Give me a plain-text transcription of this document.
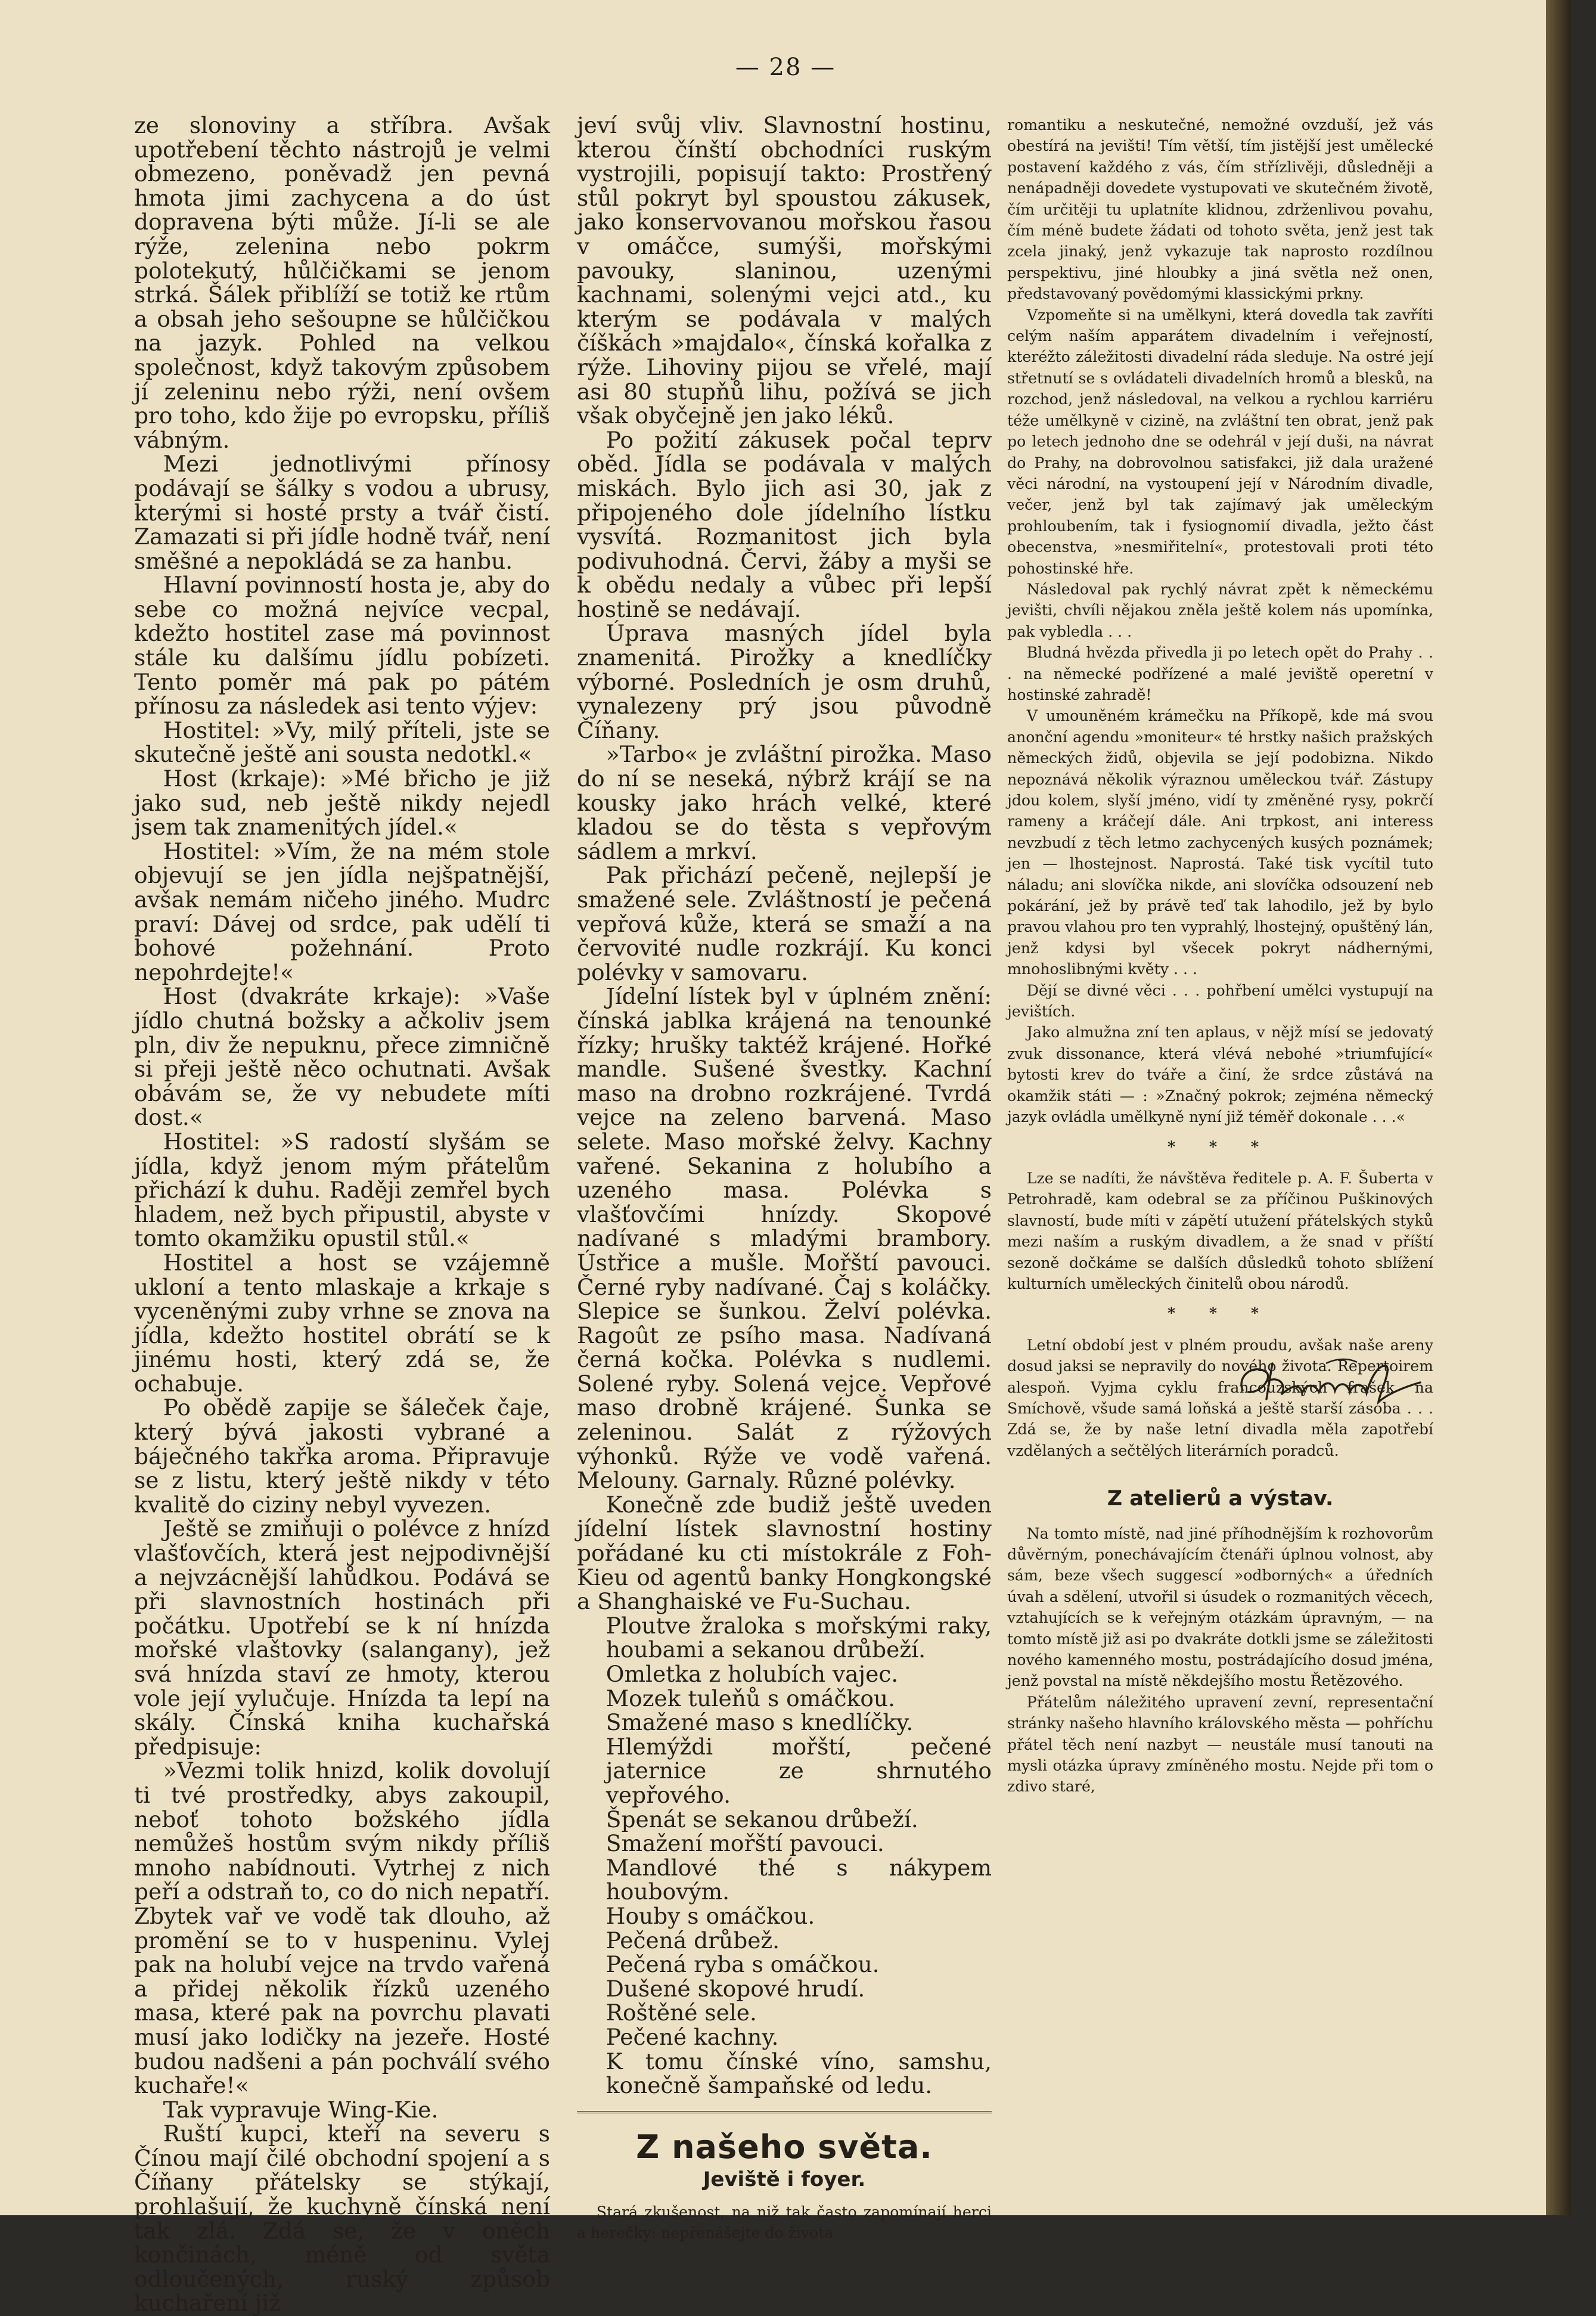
— 28 —

ze slonoviny a stříbra. Avšak upotřebení těchto nástrojů je velmi obmezeno, poněvadž jen pevná hmota jimi zachycena a do úst dopravena býti může. Jí-li se ale rýže, zelenina nebo pokrm polotekutý, hůlčičkami se jenom strká. Šálek přiblíží se totiž ke rtům a obsah jeho sešoupne se hůlčičkou na jazyk. Pohled na velkou společnost, když takovým způsobem jí zeleninu nebo rýži, není ovšem pro toho, kdo žije po evropsku, příliš vábným.

Mezi jednotlivými přínosy podávají se šálky s vodou a ubrusy, kterými si hosté prsty a tvář čistí. Zamazati si při jídle hodně tvář, není směšné a nepokládá se za hanbu.

Hlavní povinností hosta je, aby do sebe co možná nejvíce vecpal, kdežto hostitel zase má povinnost stále ku dalšímu jídlu pobízeti. Tento poměr má pak po pátém přínosu za následek asi tento výjev:

Hostitel: »Vy, milý příteli, jste se skutečně ještě ani sousta nedotkl.«

Host (krkaje): »Mé břicho je již jako sud, neb ještě nikdy nejedl jsem tak znamenitých jídel.«

Hostitel: »Vím, že na mém stole objevují se jen jídla nejšpatnější, avšak nemám ničeho jiného. Mudrc praví: Dávej od srdce, pak udělí ti bohové požehnání. Proto nepohrdejte!«

Host (dvakráte krkaje): »Vaše jídlo chutná božsky a ačkoliv jsem pln, div že nepuknu, přece zimničně si přeji ještě něco ochutnati. Avšak obávám se, že vy nebudete míti dost.«

Hostitel: »S radostí slyšám se jídla, když jenom mým přátelům přichází k duhu. Raději zemřel bych hladem, než bych připustil, abyste v tomto okamžiku opustil stůl.«

Hostitel a host se vzájemně ukloní a tento mlaskaje a krkaje s vyceněnými zuby vrhne se znova na jídla, kdežto hostitel obrátí se k jinému hosti, který zdá se, že ochabuje.

Po obědě zapije se šáleček čaje, který bývá jakosti vybrané a báječného takřka aroma. Připravuje se z listu, který ještě nikdy v této kvalitě do ciziny nebyl vyvezen.

Ještě se zmiňuji o polévce z hnízd vlašťovčích, která jest nejpodivnější a nejvzácnější lahůdkou. Podává se při slavnostních hostinách při počátku. Upotřebí se k ní hnízda mořské vlaštovky (salangany), jež svá hnízda staví ze hmoty, kterou vole její vylučuje. Hnízda ta lepí na skály. Čínská kniha kuchařská předpisuje:

»Vezmi tolik hnizd, kolik dovolují ti tvé prostředky, abys zakoupil, neboť tohoto božského jídla nemůžeš hostům svým nikdy příliš mnoho nabídnouti. Vytrhej z nich peří a odstraň to, co do nich nepatří. Zbytek vař ve vodě tak dlouho, až promění se to v huspeninu. Vylej pak na holubí vejce na trvdo vařená a přidej několik řízků uzeného masa, které pak na povrchu plavati musí jako lodičky na jezeře. Hosté budou nadšeni a pán pochválí svého kuchaře!«

Tak vypravuje Wing-Kie.

Ruští kupci, kteří na severu s Čínou mají čilé obchodní spojení a s Číňany přátelsky se stýkají, prohlašují, že kuchyně čínská není tak zlá. Zdá se, že v oněch končinách, méně od světa odloučených, ruský způsob kuchaření již

jeví svůj vliv. Slavnostní hostinu, kterou čínští obchodníci ruským vystrojili, popisují takto: Prostřený stůl pokryt byl spoustou zákusek, jako konservovanou mořskou řasou v omáčce, sumýši, mořskými pavouky, slaninou, uzenými kachnami, solenými vejci atd., ku kterým se podávala v malých číškách »majdalo«, čínská kořalka z rýže. Lihoviny pijou se vřelé, mají asi 80 stupňů lihu, požívá se jich však obyčejně jen jako léků.

Po požití zákusek počal teprv oběd. Jídla se podávala v malých miskách. Bylo jich asi 30, jak z připojeného dole jídelního lístku vysvítá. Rozmanitost jich byla podivuhodná. Červi, žáby a myši se k obědu nedaly a vůbec při lepší hostině se nedávají.

Úprava masných jídel byla znamenitá. Pirožky a knedlíčky výborné. Posledních je osm druhů, vynalezeny prý jsou původně Číňany.

»Tarbo« je zvláštní pirožka. Maso do ní se neseká, nýbrž krájí se na kousky jako hrách velké, které kladou se do těsta s vepřovým sádlem a mrkví.

Pak přichází pečeně, nejlepší je smažené sele. Zvláštností je pečená vepřová kůže, která se smaží a na červovité nudle rozkrájí. Ku konci polévky v samovaru.

Jídelní lístek byl v úplném znění: čínská jablka krájená na tenounké řízky; hrušky taktéž krájené. Hořké mandle. Sušené švestky. Kachní maso na drobno rozkrájené. Tvrdá vejce na zeleno barvená. Maso selete. Maso mořské želvy. Kachny vařené. Sekanina z holubího a uzeného masa. Polévka s vlašťovčími hnízdy. Skopové nadívané s mladými brambory. Ústřice a mušle. Mořští pavouci. Černé ryby nadívané. Čaj s koláčky. Slepice se šunkou. Želví polévka. Ragoût ze psího masa. Nadívaná černá kočka. Polévka s nudlemi. Solené ryby. Solená vejce. Vepřové maso drobně krájené. Šunka se zeleninou. Salát z rýžových výhonků. Rýže ve vodě vařená. Melouny. Garnaly. Různé polévky.

Konečně zde budiž ještě uveden jídelní lístek slavnostní hostiny pořádané ku cti místokrále z Foh-Kieu od agentů banky Hongkongské a Shanghaiské ve Fu-Suchau.

Ploutve žraloka s mořskými raky, houbami a sekanou drůbeží.
Omletka z holubích vajec.
Mozek tuleňů s omáčkou.
Smažené maso s knedlíčky.
Hlemýždi mořští, pečené jaternice ze shrnutého vepřového.
Špenát se sekanou drůbeží.
Smažení mořští pavouci.
Mandlové thé s nákypem houbovým.
Houby s omáčkou.
Pečená drůbež.
Pečená ryba s omáčkou.
Dušené skopové hrudí.
Roštěné sele.
Pečené kachny.
K tomu čínské víno, samshu, konečně šampaňské od ledu.
Z našeho světa.
Jeviště i foyer.

Stará zkušenost, na niž tak často zapomínají herci a herečky: nepřenášejte do života

romantiku a neskutečné, nemožné ovzduší, jež vás obestírá na jevišti! Tím větší, tím jistější jest umělecké postavení každého z vás, čím střízlivěji, důsledněji a nenápadněji dovedete vystupovati ve skutečném životě, čím určitěji tu uplatníte klidnou, zdrženlivou povahu, čím méně budete žádati od tohoto světa, jenž jest tak zcela jinaký, jenž vykazuje tak naprosto rozdílnou perspektivu, jiné hloubky a jiná světla než onen, představovaný povědomými klassickými prkny.

Vzpomeňte si na umělkyni, která dovedla tak zavříti celým naším apparátem divadelním i veřejností, kteréžto záležitosti divadelní ráda sleduje. Na ostré její střetnutí se s ovládateli divadelních hromů a blesků, na rozchod, jenž následoval, na velkou a rychlou karriéru téže umělkyně v cizině, na zvláštní ten obrat, jenž pak po letech jednoho dne se odehrál v její duši, na návrat do Prahy, na dobrovolnou satisfakci, již dala uražené věci národní, na vystoupení její v Národním divadle, večer, jenž byl tak zajímavý jak uměleckým prohloubením, tak i fysiognomií divadla, ježto část obecenstva, »nesmiřitelní«, protestovali proti této pohostinské hře.

Následoval pak rychlý návrat zpět k německému jevišti, chvíli nějakou zněla ještě kolem nás upomínka, pak vybledla . . .

Bludná hvězda přivedla ji po letech opět do Prahy . . . na německé podřízené a malé jeviště operetní v hostinské zahradě!

V umouněném krámečku na Příkopě, kde má svou anonční agendu »moniteur« té hrstky našich pražských německých židů, objevila se její podobizna. Nikdo nepoznává několik výraznou uměleckou tvář. Zástupy jdou kolem, slyší jméno, vidí ty změněné rysy, pokrčí rameny a kráčejí dále. Ani trpkost, ani interess nevzbudí z těch letmo zachycených kusých poznámek; jen — lhostejnost. Naprostá. Také tisk vycítil tuto náladu; ani slovíčka nikde, ani slovíčka odsouzení neb pokárání, jež by právě teď tak lahodilo, jež by bylo pravou vlahou pro ten vyprahlý, lhostejný, opuštěný lán, jenž kdysi byl všecek pokryt nádhernými, mnohoslibnými květy . . .

Dějí se divné věci . . . pohřbení umělci vystupují na jevištích.

Jako almužna zní ten aplaus, v nějž mísí se jedovatý zvuk dissonance, která vlévá nebohé »triumfující« bytosti krev do tváře a činí, že srdce zůstává na okamžik státi — : »Značný pokrok; zejména německý jazyk ovládla umělkyně nyní již téměř dokonale . . .«

* * *

Lze se nadíti, že návštěva ředitele p. A. F. Šuberta v Petrohradě, kam odebral se za příčinou Puškinových slavností, bude míti v zápětí utužení přátelských styků mezi naším a ruským divadlem, a že snad v příští sezoně dočkáme se dalších důsledků tohoto sblížení kulturních uměleckých činitelů obou národů.

* * *

Letní období jest v plném proudu, avšak naše areny dosud jaksi se nepravily do nového života. Repertoirem alespoň. Vyjma cyklu francouzských frašek na Smíchově, všude samá loňská a ještě starší zásoba . . . Zdá se, že by naše letní divadla měla zapotřebí vzdělaných a sečtělých literárních poradců.

Z atelierů a výstav.

Na tomto místě, nad jiné příhodnějším k rozhovorům důvěrným, ponechávajícím čtenáři úplnou volnost, aby sám, beze všech suggescí »odborných« a úředních úvah a sdělení, utvořil si úsudek o rozmanitých věcech, vztahujících se k veřejným otázkám úpravným, — na tomto místě již asi po dvakráte dotkli jsme se záležitosti nového kamenného mostu, postrádajícího dosud jména, jenž povstal na místě někdejšího mostu Řetězového.

Přátelům náležitého upravení zevní, representační stránky našeho hlavního královského města — pohříchu přátel těch není nazbyt — neustále musí tanouti na mysli otázka úpravy zmíněného mostu. Nejde při tom o zdivo staré,
